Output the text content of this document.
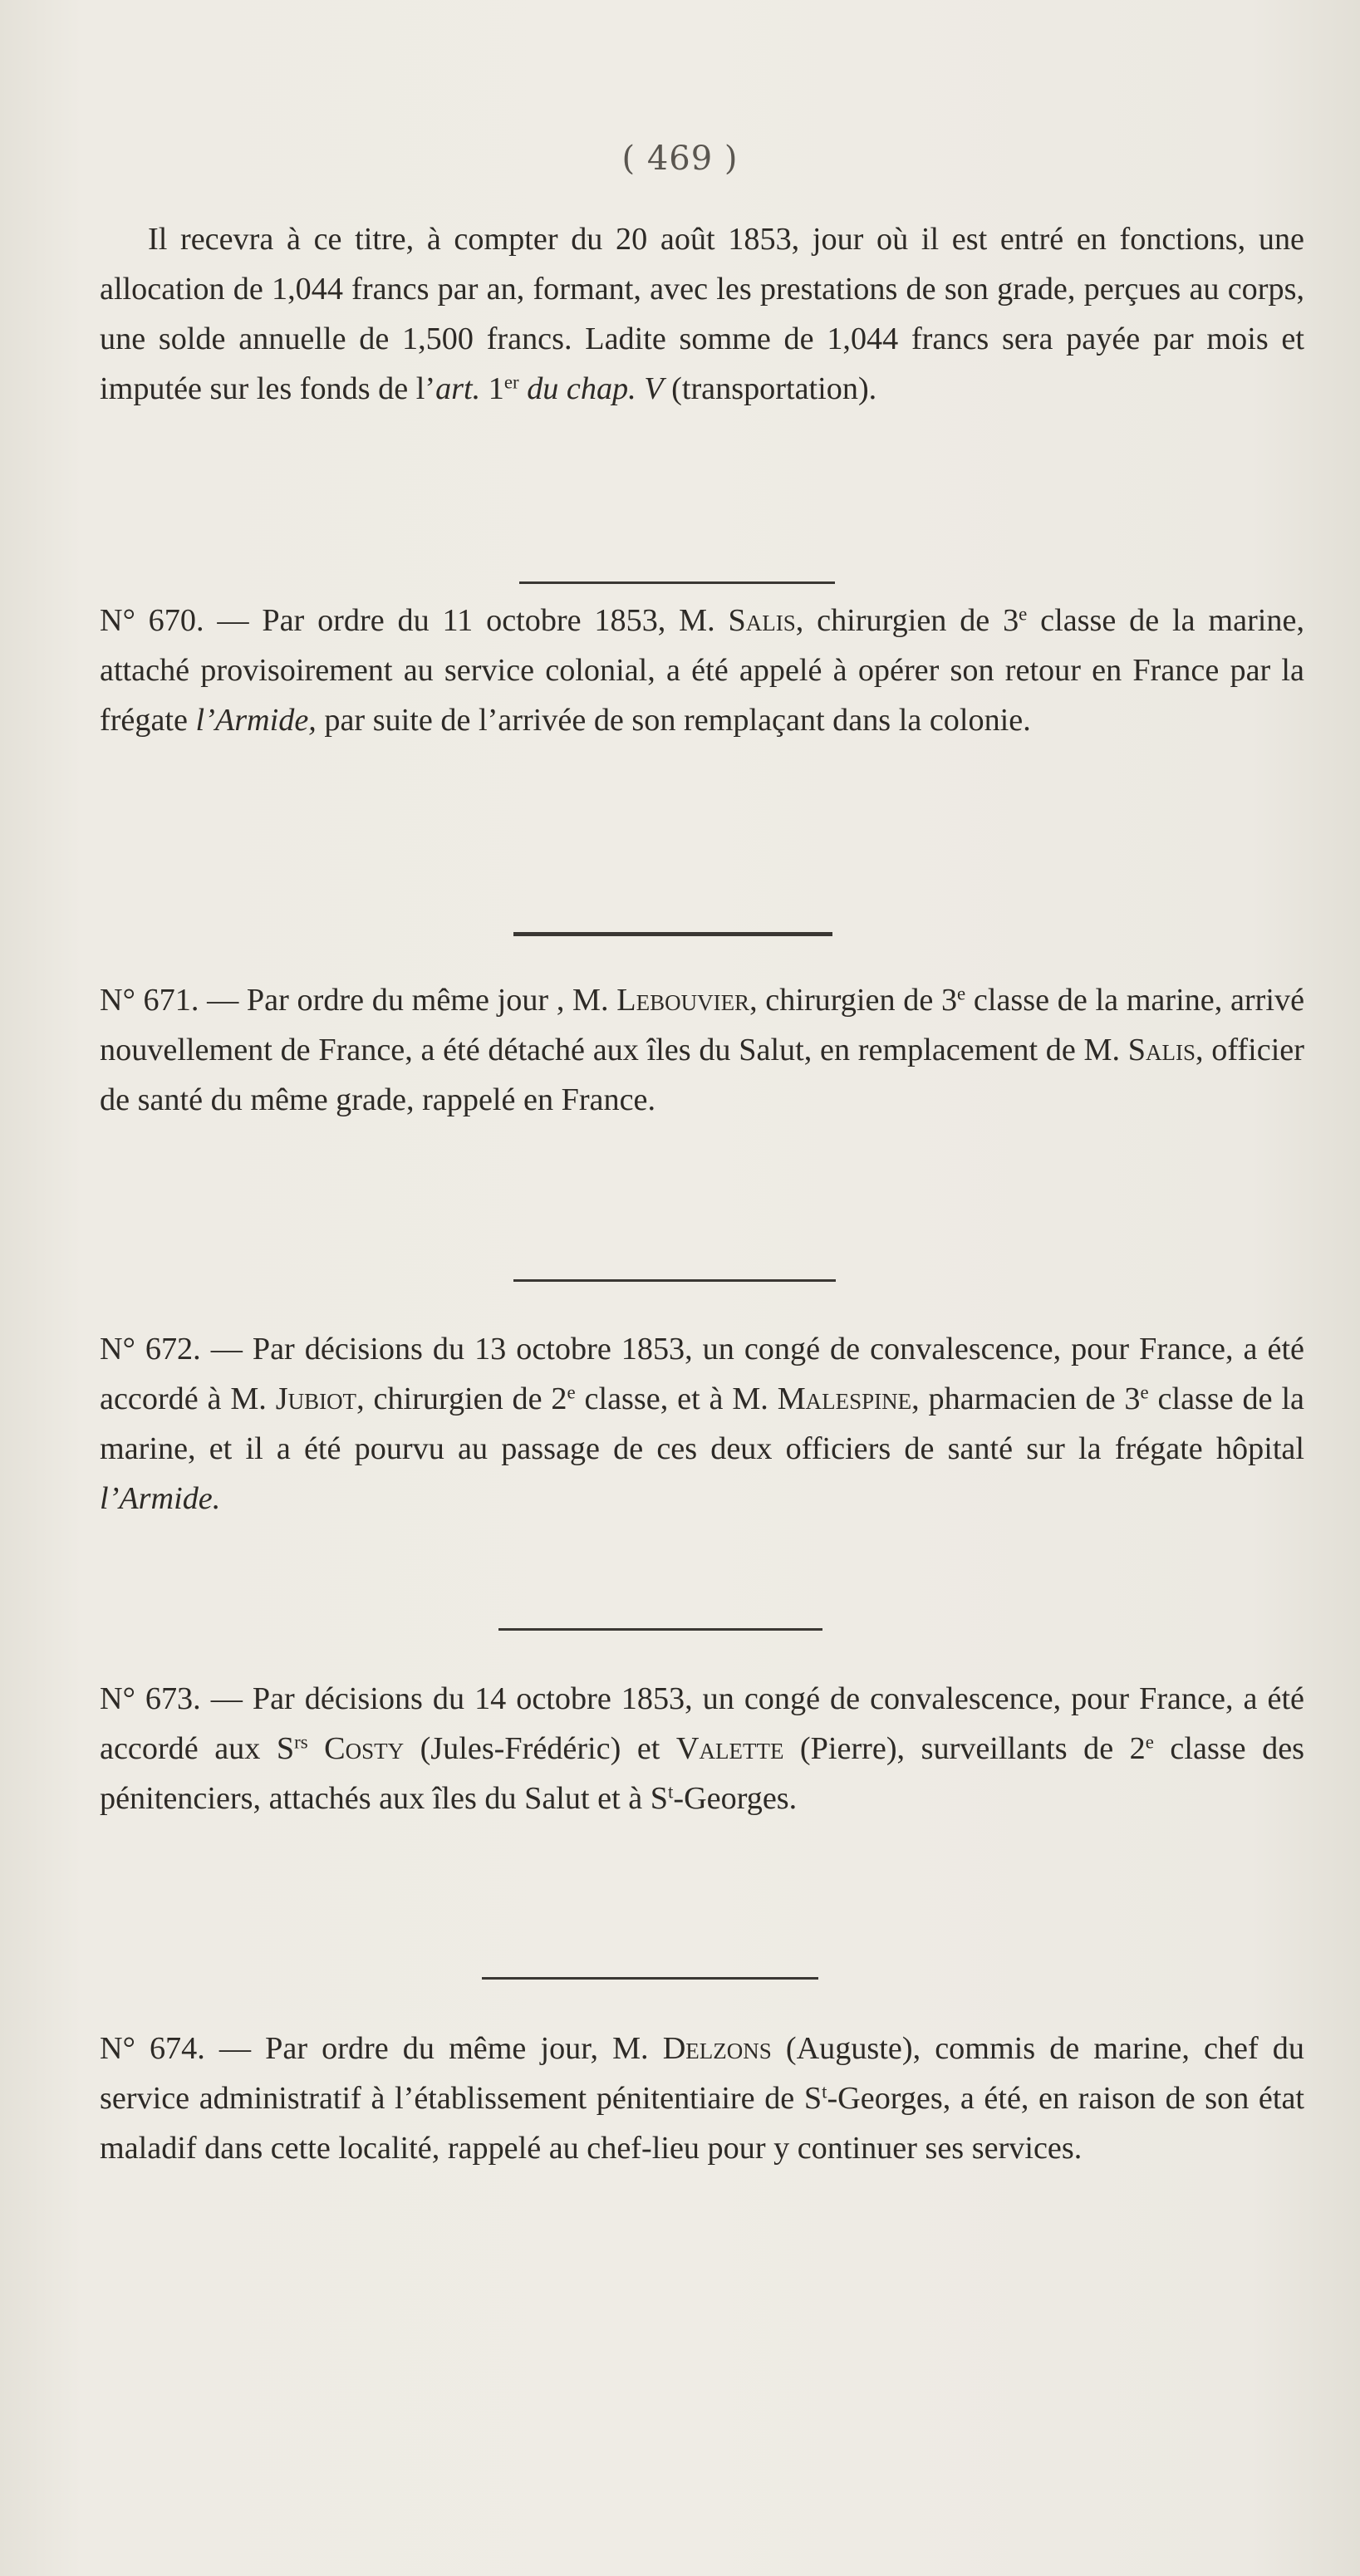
( 469 )

Il recevra à ce titre, à compter du 20 août 1853, jour où il est entré en fonctions, une allocation de 1,044 francs par an, formant, avec les prestations de son grade, perçues au corps, une solde annuelle de 1,500 francs. Ladite somme de 1,044 francs sera payée par mois et imputée sur les fonds de l’art. 1er du chap. V (transportation).

N° 670. — Par ordre du 11 octobre 1853, M. Salis, chirurgien de 3e classe de la marine, attaché provisoirement au service colonial, a été appelé à opérer son retour en France par la frégate l’Armide, par suite de l’arrivée de son remplaçant dans la colonie.

N° 671. — Par ordre du même jour , M. Lebouvier, chirurgien de 3e classe de la marine, arrivé nouvellement de France, a été détaché aux îles du Salut, en remplacement de M. Salis, officier de santé du même grade, rappelé en France.

N° 672. — Par décisions du 13 octobre 1853, un congé de convalescence, pour France, a été accordé à M. Jubiot, chirurgien de 2e classe, et à M. Malespine, pharmacien de 3e classe de la marine, et il a été pourvu au passage de ces deux officiers de santé sur la frégate hôpital l’Armide.

N° 673. — Par décisions du 14 octobre 1853, un congé de convalescence, pour France, a été accordé aux $S^{rs}$ Costy (Jules-Frédéric) et Valette (Pierre), surveillants de 2e classe des pénitenciers, attachés aux îles du Salut et à $S^t$-Georges.

N° 674. — Par ordre du même jour, M. Delzons (Auguste), commis de marine, chef du service administratif à l’établissement pénitentiaire de $S^t$-Georges, a été, en raison de son état maladif dans cette localité, rappelé au chef-lieu pour y continuer ses services.
